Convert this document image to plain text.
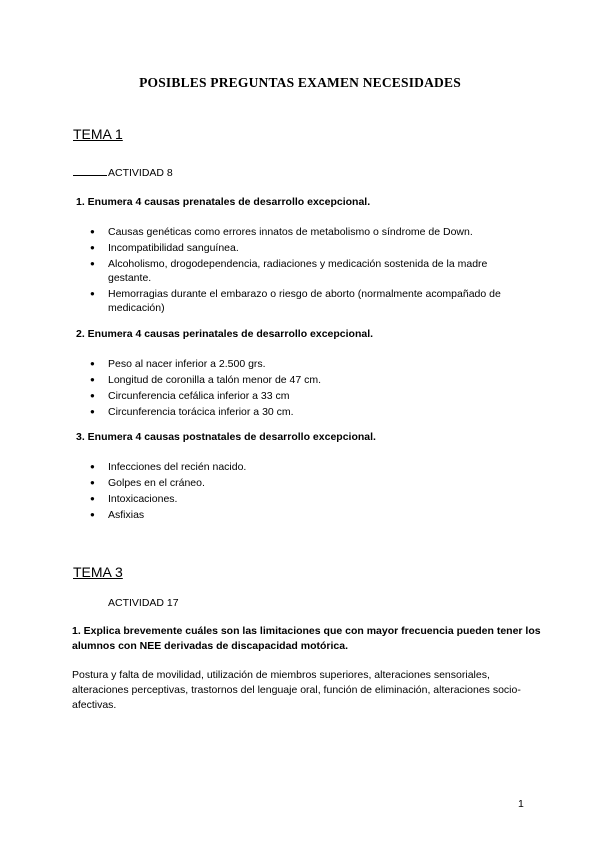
POSIBLES PREGUNTAS EXAMEN NECESIDADES
TEMA 1
ACTIVIDAD 8
1. Enumera 4 causas prenatales de desarrollo excepcional.
● Causas genéticas como errores innatos de metabolismo o síndrome de Down.
● Incompatibilidad sanguínea.
● Alcoholismo, drogodependencia, radiaciones y medicación sostenida de la madre gestante.
● Hemorragias durante el embarazo o riesgo de aborto (normalmente acompañado de medicación)
2. Enumera 4 causas perinatales de desarrollo excepcional.
● Peso al nacer inferior a 2.500 grs.
● Longitud de coronilla a talón menor de 47 cm.
● Circunferencia cefálica inferior a 33 cm
● Circunferencia torácica inferior a 30 cm.
3. Enumera 4 causas postnatales de desarrollo excepcional.
● Infecciones del recién nacido.
● Golpes en el cráneo.
● Intoxicaciones.
● Asfixias
TEMA 3
ACTIVIDAD 17
1. Explica brevemente cuáles son las limitaciones que con mayor frecuencia pueden tener los alumnos con NEE derivadas de discapacidad motórica.
Postura y falta de movilidad, utilización de miembros superiores, alteraciones sensoriales, alteraciones perceptivas, trastornos del lenguaje oral, función de eliminación, alteraciones socio-afectivas.
1
